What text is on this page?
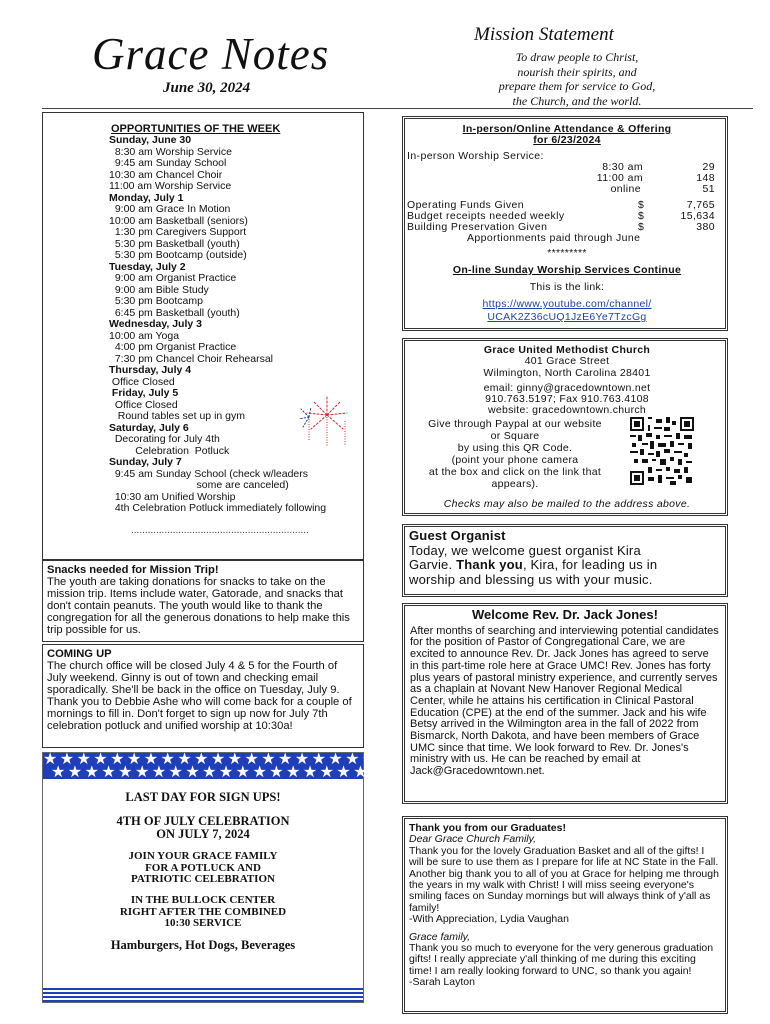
Grace Notes
June 30, 2024
Mission Statement
To draw people to Christ,
nourish their spirits, and
prepare them for service to God,
the Church, and the world.
OPPORTUNITIES OF THE WEEK
Sunday, June 30
8:30 am Worship Service
9:45 am Sunday School
10:30 am Chancel Choir
11:00 am Worship Service
Monday, July 1
9:00 am Grace In Motion
10:00 am Basketball (seniors)
1:30 pm Caregivers Support
5:30 pm Basketball (youth)
5:30 pm Bootcamp (outside)
Tuesday, July 2
9:00 am Organist Practice
9:00 am Bible Study
5:30 pm Bootcamp
6:45 pm Basketball (youth)
Wednesday, July 3
10:00 am Yoga
4:00 pm Organist Practice
7:30 pm Chancel Choir Rehearsal
Thursday, July 4
Office Closed
Friday, July 5
Office Closed
Round tables set up in gym
Saturday, July 6
Decorating for July 4th
Celebration  Potluck
Sunday, July 7
9:45 am Sunday School (check w/leaders
some are canceled)
10:30 am Unified Worship
4th Celebration Potluck immediately following
................................................................
Snacks needed for Mission Trip!
The youth are taking donations for snacks to take on the mission trip. Items include water, Gatorade, and snacks that don't contain peanuts. The youth would like to thank the congregation for all the generous donations to help make this trip possible for us.
COMING UP
The church office will be closed July 4 & 5 for the Fourth of July weekend. Ginny is out of town and checking email sporadically. She'll be back in the office on Tuesday, July 9. Thank you to Debbie Ashe who will come back for a couple of mornings to fill in. Don't forget to sign up now for July 7th celebration potluck and unified worship at 10:30a!
★ ★ ★ ★ ★ ★ ★ ★ ★ ★ ★ ★ ★ ★ ★ ★ ★ ★ ★ ★ ★ ★
★ ★ ★ ★ ★ ★ ★ ★ ★ ★ ★ ★ ★ ★ ★ ★ ★ ★ ★ ★ ★ ★
LAST DAY FOR SIGN UPS!
4TH OF JULY CELEBRATION
ON JULY 7, 2024
JOIN YOUR GRACE FAMILY
FOR A POTLUCK AND
PATRIOTIC CELEBRATION
IN THE BULLOCK CENTER
RIGHT AFTER THE COMBINED
10:30 SERVICE
Hamburgers, Hot Dogs, Beverages
In-person/Online Attendance & Offering
for 6/23/2024
In-person Worship Service:
8:30 am	29
11:00 am	148
online	51
Operating Funds Given	$	7,765
Budget receipts needed weekly	$	15,634
Building Preservation Given	$	380
Apportionments paid through June
*********
On-line Sunday Worship Services Continue
This is the link:
https://www.youtube.com/channel/
UCAK2Z36cUQ1JzE6Ye7TzcGg
Grace United Methodist Church
401 Grace Street
Wilmington, North Carolina 28401
email: ginny@gracedowntown.net
910.763.5197; Fax 910.763.4108
website: gracedowntown.church
Give through Paypal at our website
or Square
by using this QR Code.
(point your phone camera
at the box and click on the link that
appears).
Checks may also be mailed to the address above.
Guest Organist
Today, we welcome guest organist Kira
Garvie. Thank you, Kira, for leading us in
worship and blessing us with your music.
Welcome Rev. Dr. Jack Jones!
After months of searching and interviewing potential candidates for the position of Pastor of Congregational Care, we are excited to announce Rev. Dr. Jack Jones has agreed to serve in this part-time role here at Grace UMC! Rev. Jones has forty plus years of pastoral ministry experience, and currently serves as a chaplain at Novant New Hanover Regional Medical Center, while he attains his certification in Clinical Pastoral Education (CPE) at the end of the summer. Jack and his wife Betsy arrived in the Wilmington area in the fall of 2022 from Bismarck, North Dakota, and have been members of Grace UMC since that time. We look forward to Rev. Dr. Jones's ministry with us. He can be reached by email at Jack@Gracedowntown.net.
Thank you from our Graduates!
Dear Grace Church Family,
Thank you for the lovely Graduation Basket and all of the gifts! I will be sure to use them as I prepare for life at NC State in the Fall. Another big thank you to all of you at Grace for helping me through the years in my walk with Christ! I will miss seeing everyone's smiling faces on Sunday mornings but will always think of y'all as family!
-With Appreciation, Lydia Vaughan
Grace family,
Thank you so much to everyone for the very generous graduation gifts! I really appreciate y'all thinking of me during this exciting time! I am really looking forward to UNC, so thank you again!
-Sarah Layton
